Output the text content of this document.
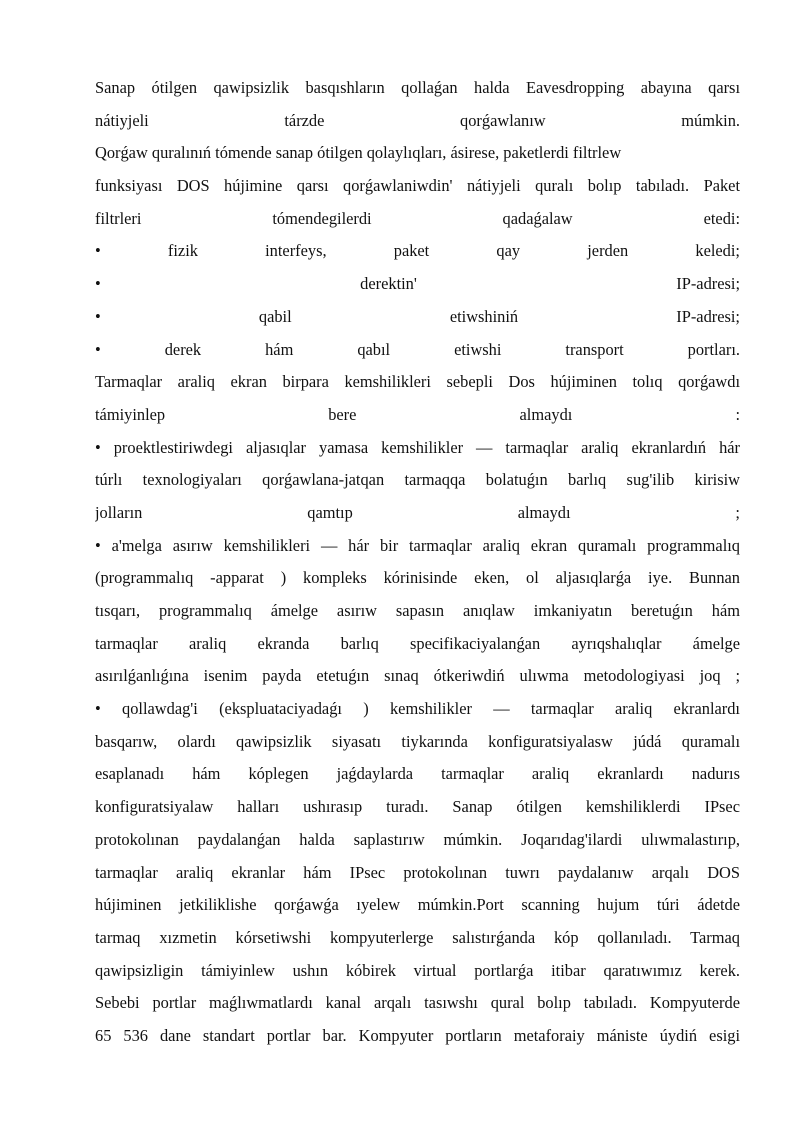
Sanap ótilgen qawipsizlik basqıshların qollaǵan halda Eavesdropping abayına qarsı
nátiyjeli tárzde qorǵawlanıw múmkin.
Qorǵaw quralınıń tómende sanap ótilgen qolaylıqları, ásirese, paketlerdi filtrlew
funksiyası DOS hújimine qarsı qorǵawlaniwdin' nátiyjeli quralı bolıp tabıladı. Paket
filtrleri tómendegilerdi qadaǵalaw etedi:
• fizik interfeys, paket qay jerden keledi;
• derektin' IP-adresi;
• qabil etiwshiniń IP-adresi;
• derek hám qabıl etiwshi transport portları.
Tarmaqlar araliq ekran birpara kemshilikleri sebepli Dos hújiminen tolıq qorǵawdı
támiyinlep bere almaydı :
• proektlestiriwdegi aljasıqlar yamasa kemshilikler — tarmaqlar araliq ekranlardıń hár
túrlı texnologiyaları qorǵawlana-jatqan tarmaqqa bolatuǵın barlıq sug'ilib kirisiw
jolların qamtıp almaydı ;
• a'melga asırıw kemshilikleri — hár bir tarmaqlar araliq ekran quramalı programmalıq
(programmalıq -apparat ) kompleks kórinisinde eken, ol aljasıqlarǵa iye. Bunnan
tısqarı, programmalıq ámelge asırıw sapasın anıqlaw imkaniyatın beretuǵın hám
tarmaqlar araliq ekranda barlıq specifikaciyalanǵan ayrıqshalıqlar ámelge
asırılǵanlıǵına isenim payda etetuǵın sınaq ótkeriwdiń ulıwma metodologiyasi joq ;
• qollawdag'i (ekspluataciyadaǵı ) kemshilikler — tarmaqlar araliq ekranlardı
basqarıw, olardı qawipsizlik siyasatı tiykarında konfiguratsiyalasw júdá quramalı
esaplanadı hám kóplegen jaǵdaylarda tarmaqlar araliq ekranlardı nadurıs
konfiguratsiyalaw halları ushırasıp turadı. Sanap ótilgen kemshiliklerdi IPsec
protokolınan paydalanǵan halda saplastırıw múmkin. Joqarıdag'ilardi ulıwmalastırıp,
tarmaqlar araliq ekranlar hám IPsec protokolınan tuwrı paydalanıw arqalı DOS
hújiminen jetkiliklishe qorǵawǵa ıyelew múmkin.Port scanning hujum túri ádetde
tarmaq xızmetin kórsetiwshi kompyuterlerge salıstırǵanda kóp qollanıladı. Tarmaq
qawipsizligin támiyinlew ushın kóbirek virtual portlarǵa itibar qaratıwımız kerek.
Sebebi portlar maǵlıwmatlardı kanal arqalı tasıwshı qural bolıp tabıladı. Kompyuterde
65 536 dane standart portlar bar. Kompyuter portların metaforaiy mániste úydiń esigi
